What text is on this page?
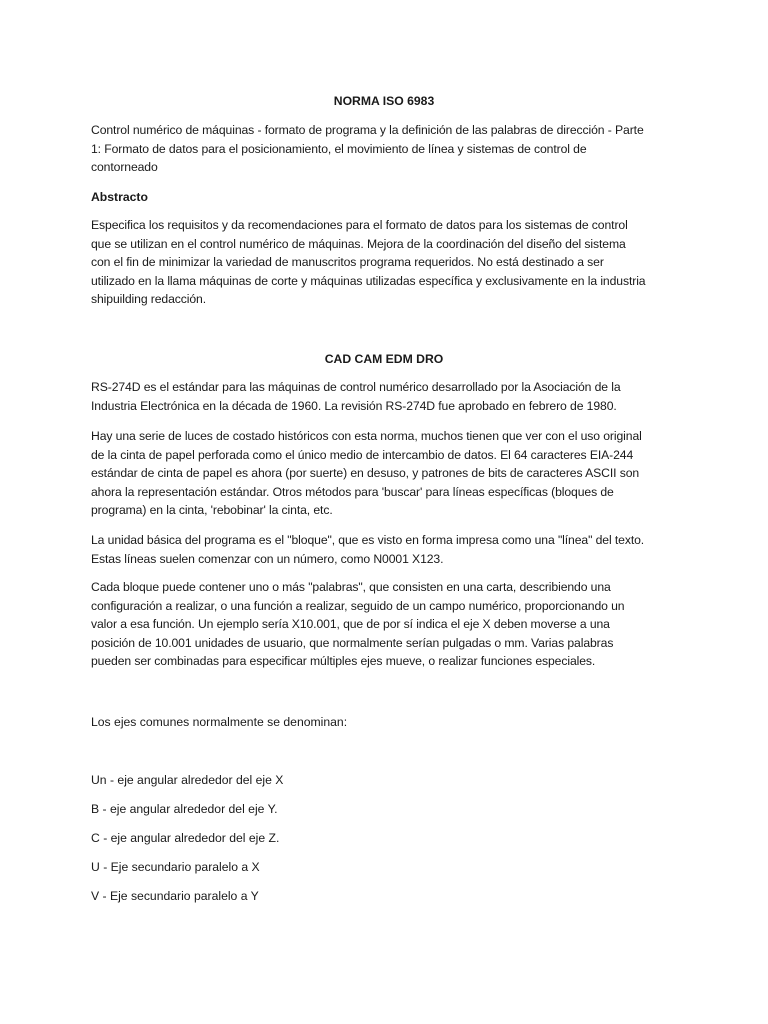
NORMA ISO 6983
Control numérico de máquinas - formato de programa y la definición de las palabras de dirección - Parte
1: Formato de datos para el posicionamiento, el movimiento de línea y sistemas de control de
contorneado
Abstracto
Especifica los requisitos y da recomendaciones para el formato de datos para los sistemas de control
que se utilizan en el control numérico de máquinas. Mejora de la coordinación del diseño del sistema
con el fin de minimizar la variedad de manuscritos programa requeridos. No está destinado a ser
utilizado en la llama máquinas de corte y máquinas utilizadas específica y exclusivamente en la industria
shipuilding redacción.
CAD CAM EDM DRO
RS-274D es el estándar para las máquinas de control numérico desarrollado por la Asociación de la
Industria Electrónica en la década de 1960. La revisión RS-274D fue aprobado en febrero de 1980.
Hay una serie de luces de costado históricos con esta norma, muchos tienen que ver con el uso original
de la cinta de papel perforada como el único medio de intercambio de datos. El 64 caracteres EIA-244
estándar de cinta de papel es ahora (por suerte) en desuso, y patrones de bits de caracteres ASCII son
ahora la representación estándar. Otros métodos para 'buscar' para líneas específicas (bloques de
programa) en la cinta, 'rebobinar' la cinta, etc.
La unidad básica del programa es el "bloque", que es visto en forma impresa como una "línea" del texto.
Estas líneas suelen comenzar con un número, como N0001 X123.
Cada bloque puede contener uno o más "palabras", que consisten en una carta, describiendo una
configuración a realizar, o una función a realizar, seguido de un campo numérico, proporcionando un
valor a esa función. Un ejemplo sería X10.001, que de por sí indica el eje X deben moverse a una
posición de 10.001 unidades de usuario, que normalmente serían pulgadas o mm. Varias palabras
pueden ser combinadas para especificar múltiples ejes mueve, o realizar funciones especiales.
Los ejes comunes normalmente se denominan:
Un - eje angular alrededor del eje X
B - eje angular alrededor del eje Y.
C - eje angular alrededor del eje Z.
U - Eje secundario paralelo a X
V - Eje secundario paralelo a Y
